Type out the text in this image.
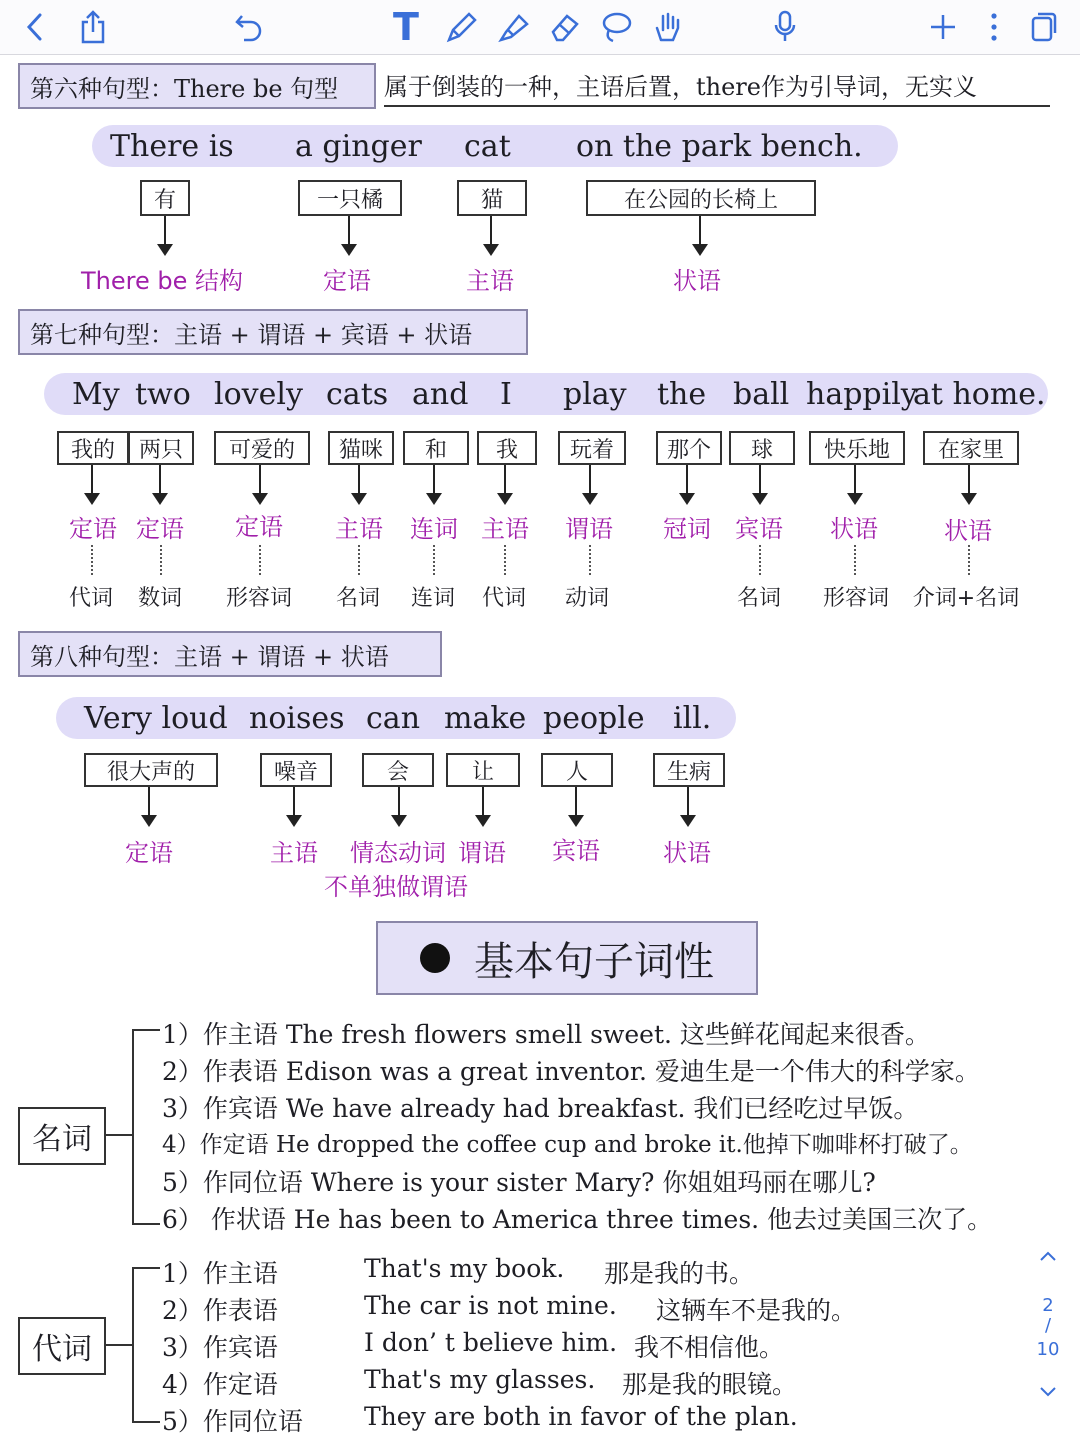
T
第六种句型：There be 句型	属于倒装的一种，主语后置，there作为引导词，无实义
There is a ginger cat on the park bench.
有	一只橘	猫	在公园的长椅上
There be 结构	定语	主语	状语
第七种句型：主语 + 谓语 + 宾语 + 状语
My two lovely cats and I play the ball happily
at home.
我的	两只	可爱的	猫咪	和	我	玩着	那个	球	快乐地	在家里
定语 定语 定语 主语 连词 主语 谓语 冠词 宾语 状语	状语
代词 数词 形容词 名词 连词 代词 动词	名词 形容词 介词+名词
第八种句型：主语 + 谓语 + 状语
Very loud noises can make people ill.
很大声的	噪音	会	让	人	生病
定语	主语 情态动词 谓语 宾语	状语
不单独做谓语
基本句子词性
名词
1）作主语 The fresh flowers smell sweet. 这些鲜花闻起来很香。
2）作表语 Edison was a great inventor. 爱迪生是一个伟大的科学家。
3）作宾语 We have already had breakfast. 我们已经吃过早饭。
4）作定语 He dropped the coffee cup and broke it.他掉下咖啡杯打破了。
5）作同位语 Where is your sister Mary? 你姐姐玛丽在哪儿?
6） 作状语 He has been to America three times. 他去过美国三次了。
代词
1）作主语	That's my book. 那是我的书。
2）作表语	The car is not mine. 这辆车不是我的。
3）作宾语	I don’ t believe him. 我不相信他。
4）作定语	That's my glasses. 那是我的眼镜。
5）作同位语 They are both in favor of the plan.
2
/
10
